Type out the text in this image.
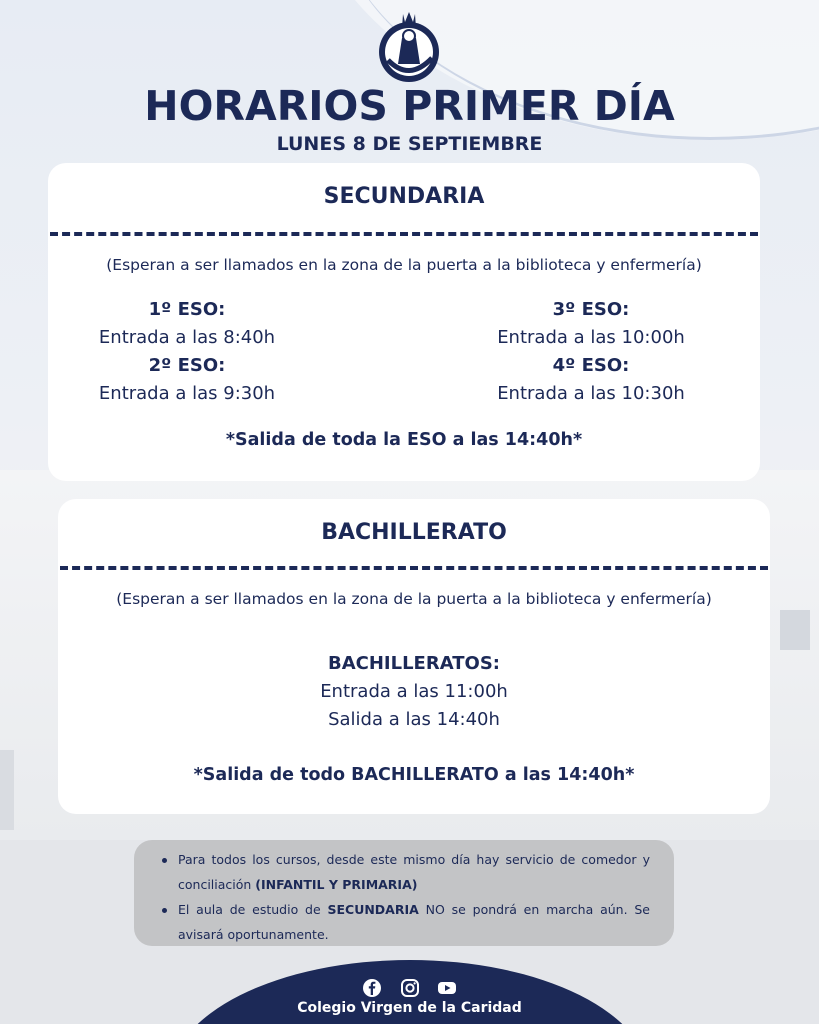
HORARIOS PRIMER DÍA
LUNES 8 DE SEPTIEMBRE
SECUNDARIA
(Esperan a ser llamados en la zona de la puerta a la biblioteca y enfermería)
1º ESO:
Entrada a las 8:40h
2º ESO:
Entrada a las 9:30h
3º ESO:
Entrada a las 10:00h
4º ESO:
Entrada a las 10:30h
*Salida de toda la ESO a las 14:40h*
BACHILLERATO
(Esperan a ser llamados en la zona de la puerta a la biblioteca y enfermería)
BACHILLERATOS:
Entrada a las 11:00h
Salida a las 14:40h
*Salida de todo BACHILLERATO a las 14:40h*
Para todos los cursos, desde este mismo día hay servicio de comedor y conciliación (INFANTIL Y PRIMARIA)
El aula de estudio de SECUNDARIA NO se pondrá en marcha aún. Se avisará oportunamente.

Colegio Virgen de la Caridad
